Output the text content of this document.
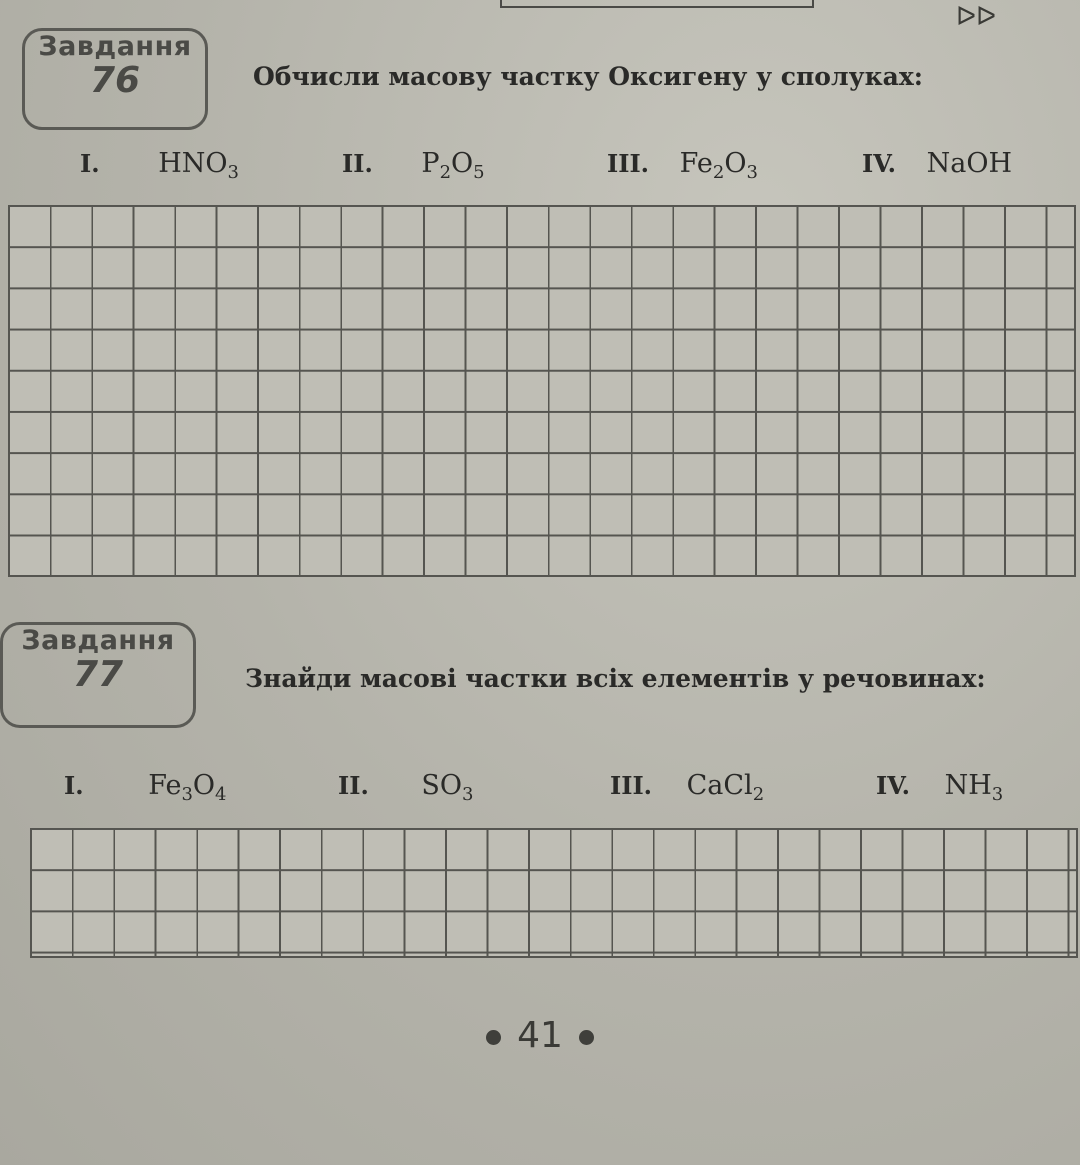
ᐅᐅ
Завдання
76	Обчисли масову частку Оксигену у сполуках:
I. $HNO_3$	II. $P_2O_5$	III. $Fe_2O_3$	IV. NaOH
Завдання
77	Знайди масові частки всіх елементів у речовинах:
I. $Fe_3O_4$	II. $SO_3$	III. CaCl$_2$	IV. $NH_3$
41
